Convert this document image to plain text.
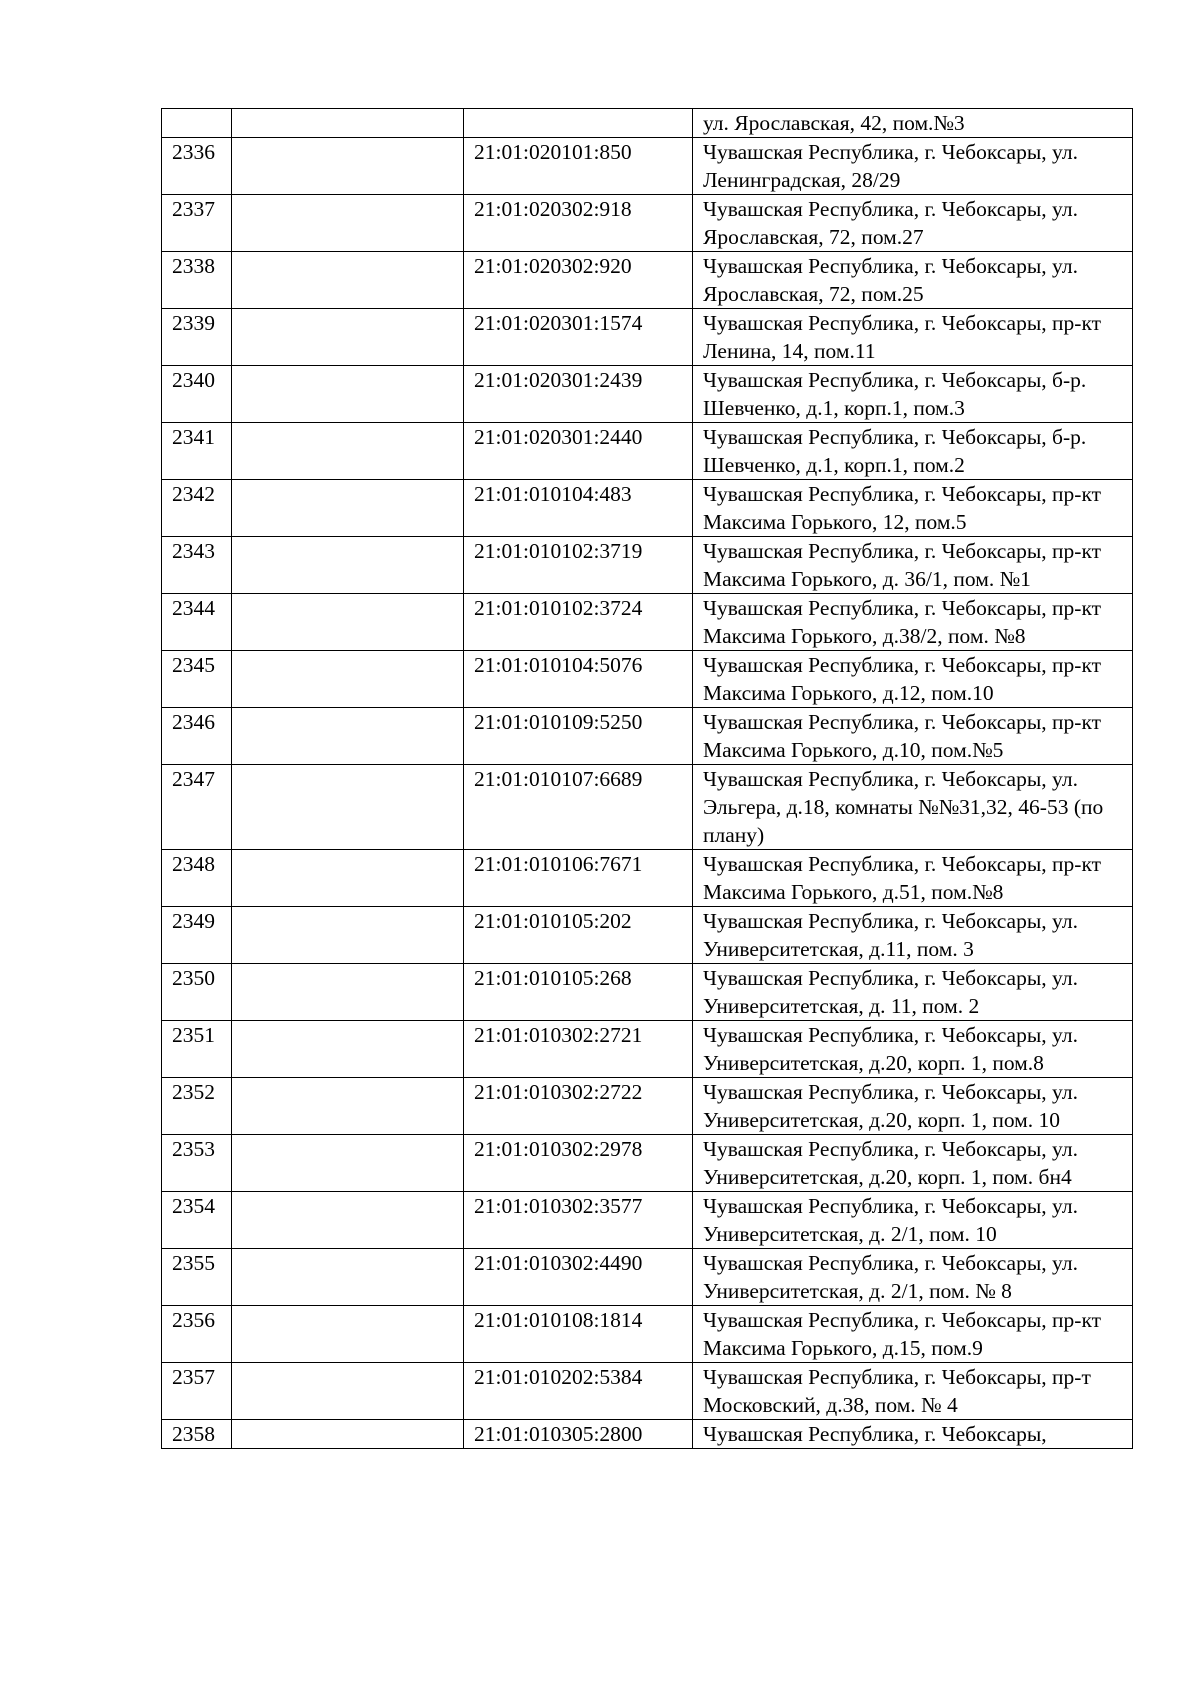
			ул. Ярославская, 42, пом.№3
2336		21:01:020101:850	Чувашская Республика, г. Чебоксары, ул. Ленинградская, 28/29
2337		21:01:020302:918	Чувашская Республика, г. Чебоксары, ул. Ярославская, 72, пом.27
2338		21:01:020302:920	Чувашская Республика, г. Чебоксары, ул. Ярославская, 72, пом.25
2339		21:01:020301:1574	Чувашская Республика, г. Чебоксары, пр-кт Ленина, 14, пом.11
2340		21:01:020301:2439	Чувашская Республика, г. Чебоксары, б-р. Шевченко, д.1, корп.1, пом.3
2341		21:01:020301:2440	Чувашская Республика, г. Чебоксары, б-р. Шевченко, д.1, корп.1, пом.2
2342		21:01:010104:483	Чувашская Республика, г. Чебоксары, пр-кт Максима Горького, 12, пом.5
2343		21:01:010102:3719	Чувашская Республика, г. Чебоксары, пр-кт Максима Горького, д. 36/1, пом. №1
2344		21:01:010102:3724	Чувашская Республика, г. Чебоксары, пр-кт Максима Горького, д.38/2, пом. №8
2345		21:01:010104:5076	Чувашская Республика, г. Чебоксары, пр-кт Максима Горького, д.12, пом.10
2346		21:01:010109:5250	Чувашская Республика, г. Чебоксары, пр-кт Максима Горького, д.10, пом.№5
2347		21:01:010107:6689	Чувашская Республика, г. Чебоксары, ул. Эльгера, д.18, комнаты №№31,32, 46-53 (по плану)
2348		21:01:010106:7671	Чувашская Республика, г. Чебоксары, пр-кт Максима Горького, д.51, пом.№8
2349		21:01:010105:202	Чувашская Республика, г. Чебоксары, ул. Университетская, д.11, пом. 3
2350		21:01:010105:268	Чувашская Республика, г. Чебоксары, ул. Университетская, д. 11, пом. 2
2351		21:01:010302:2721	Чувашская Республика, г. Чебоксары, ул. Университетская, д.20, корп. 1, пом.8
2352		21:01:010302:2722	Чувашская Республика, г. Чебоксары, ул. Университетская, д.20, корп. 1, пом. 10
2353		21:01:010302:2978	Чувашская Республика, г. Чебоксары, ул. Университетская, д.20, корп. 1, пом. бн4
2354		21:01:010302:3577	Чувашская Республика, г. Чебоксары, ул. Университетская, д. 2/1, пом. 10
2355		21:01:010302:4490	Чувашская Республика, г. Чебоксары, ул. Университетская, д. 2/1, пом. № 8
2356		21:01:010108:1814	Чувашская Республика, г. Чебоксары, пр-кт Максима Горького, д.15, пом.9
2357		21:01:010202:5384	Чувашская Республика, г. Чебоксары, пр-т Московский, д.38, пом. № 4
2358		21:01:010305:2800	Чувашская Республика, г. Чебоксары,
